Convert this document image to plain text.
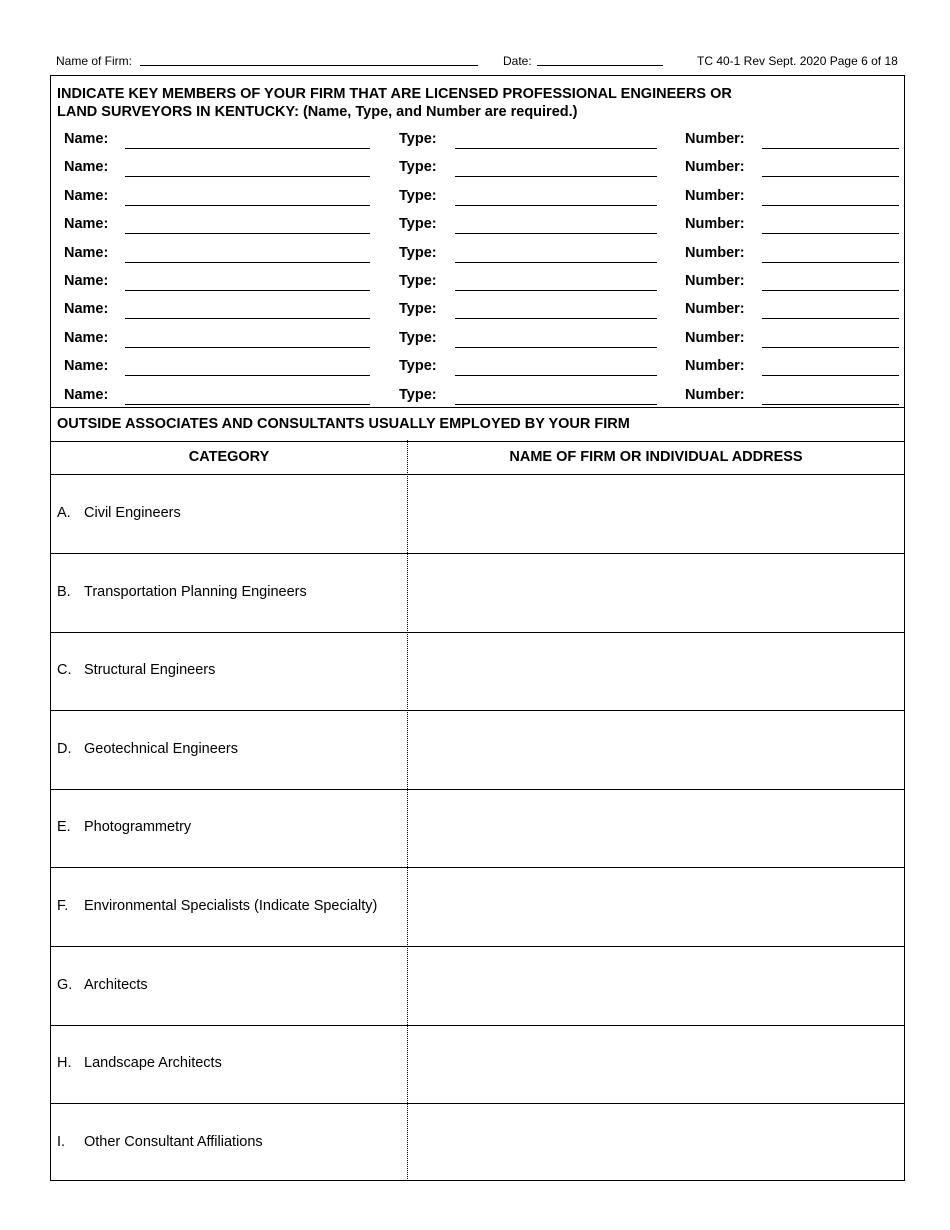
Name of Firm:	Date:	TC 40-1 Rev Sept. 2020 Page 6 of 18
INDICATE KEY MEMBERS OF YOUR FIRM THAT ARE LICENSED PROFESSIONAL ENGINEERS OR
LAND SURVEYORS IN KENTUCKY: (Name, Type, and Number are required.)
Name:	Type:	Number:
Name:	Type:	Number:
Name:	Type:	Number:
Name:	Type:	Number:
Name:	Type:	Number:
Name:	Type:	Number:
Name:	Type:	Number:
Name:	Type:	Number:
Name:	Type:	Number:
Name:	Type:	Number:
OUTSIDE ASSOCIATES AND CONSULTANTS USUALLY EMPLOYED BY YOUR FIRM
CATEGORY	NAME OF FIRM OR INDIVIDUAL ADDRESS
A. Civil Engineers
B. Transportation Planning Engineers
C. Structural Engineers
D. Geotechnical Engineers
E. Photogrammetry
F. Environmental Specialists (Indicate Specialty)
G. Architects
H. Landscape Architects
I. Other Consultant Affiliations
